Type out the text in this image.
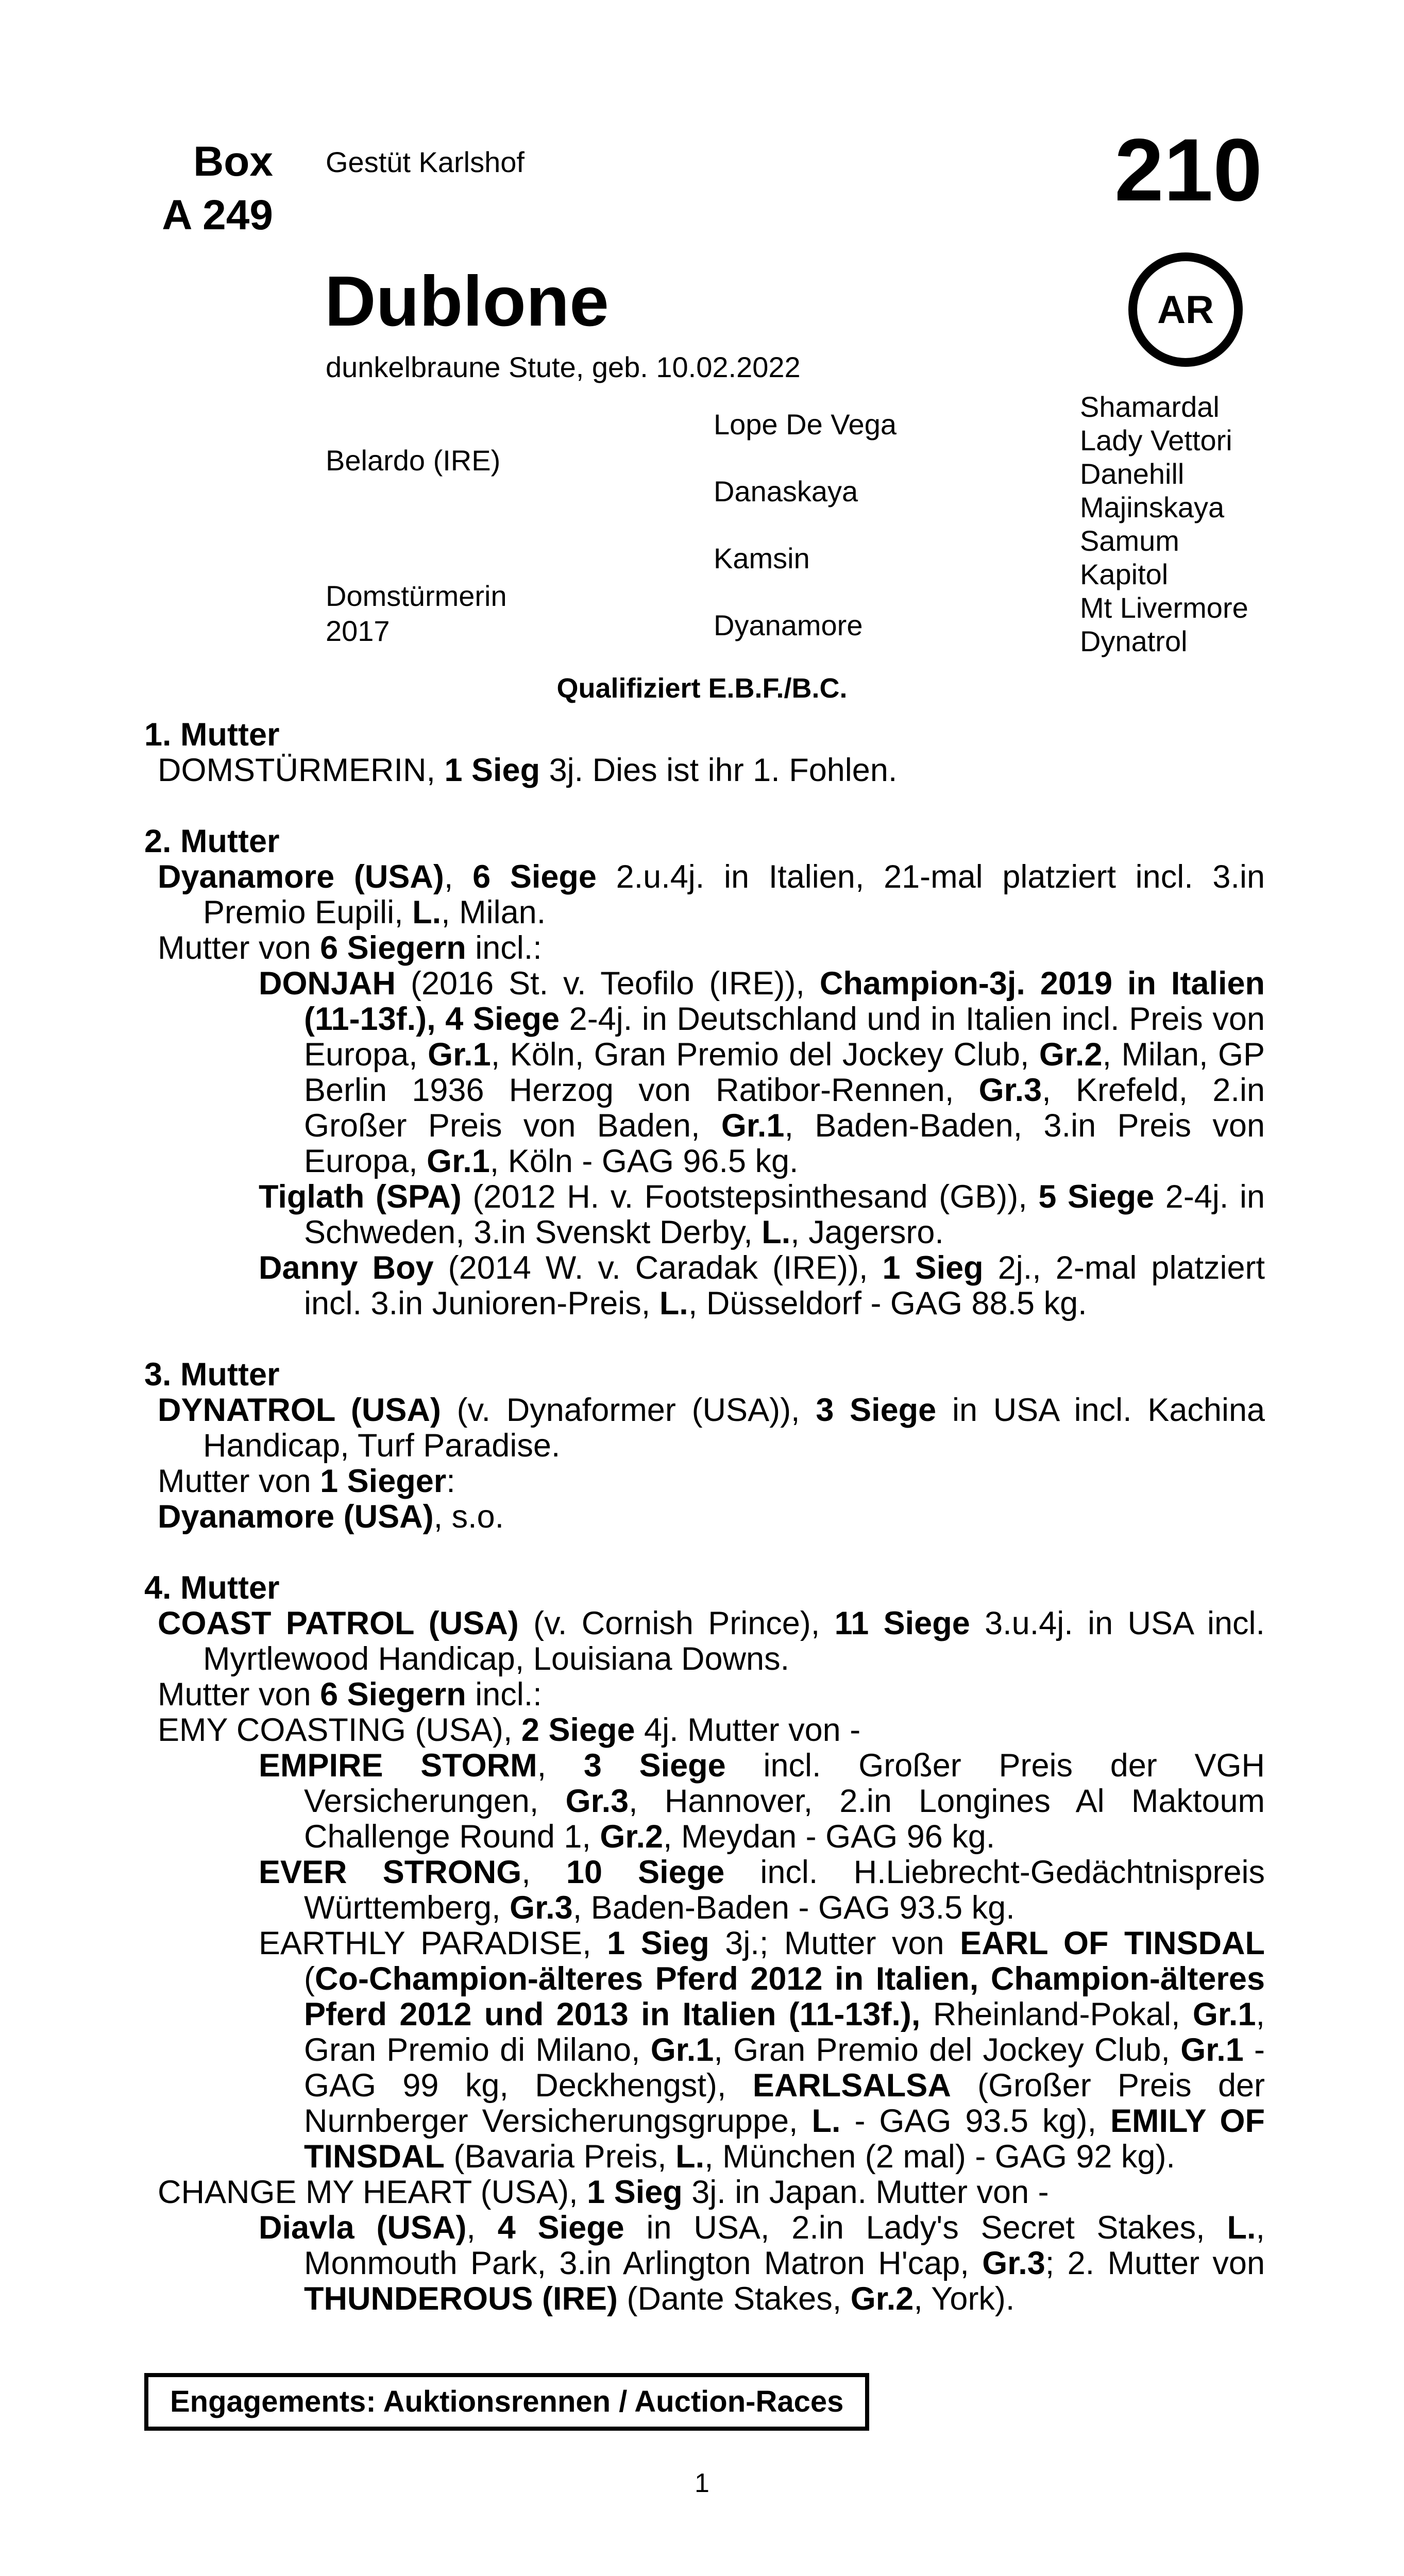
Box
A 249
Gestüt Karlshof	210
Dublone	AR
dunkelbraune Stute, geb. 10.02.2022
Belardo (IRE)
Domstürmerin
2017
Lope De Vega
Danaskaya
Kamsin
Dyanamore
Shamardal
Lady Vettori
Danehill
Majinskaya
Samum
Kapitol
Mt Livermore
Dynatrol
Qualifiziert E.B.F./B.C.
1. Mutter
DOMSTÜRMERIN, 1 Sieg 3j. Dies ist ihr 1. Fohlen.
2. Mutter
Dyanamore (USA), 6 Siege 2.u.4j. in Italien, 21-mal platziert incl. 3.in Premio Eupili, L., Milan.
Mutter von 6 Siegern incl.:
DONJAH (2016 St. v. Teofilo (IRE)), Champion-3j. 2019 in Italien (11-13f.), 4 Siege 2-4j. in Deutschland und in Italien incl. Preis von Europa, Gr.1, Köln, Gran Premio del Jockey Club, Gr.2, Milan, GP Berlin 1936 Herzog von Ratibor-Rennen, Gr.3, Krefeld, 2.in Großer Preis von Baden, Gr.1, Baden-Baden, 3.in Preis von Europa, Gr.1, Köln - GAG 96.5 kg.
Tiglath (SPA) (2012 H. v. Footstepsinthesand (GB)), 5 Siege 2-4j. in Schweden, 3.in Svenskt Derby, L., Jagersro.
Danny Boy (2014 W. v. Caradak (IRE)), 1 Sieg 2j., 2-mal platziert incl. 3.in Junioren-Preis, L., Düsseldorf - GAG 88.5 kg.
3. Mutter
DYNATROL (USA) (v. Dynaformer (USA)), 3 Siege in USA incl. Kachina Handicap, Turf Paradise.
Mutter von 1 Sieger:
Dyanamore (USA), s.o.
4. Mutter
COAST PATROL (USA) (v. Cornish Prince), 11 Siege 3.u.4j. in USA incl. Myrtlewood Handicap, Louisiana Downs.
Mutter von 6 Siegern incl.:
EMY COASTING (USA), 2 Siege 4j. Mutter von -
EMPIRE STORM, 3 Siege incl. Großer Preis der VGH Versicherungen, Gr.3, Hannover, 2.in Longines Al Maktoum Challenge Round 1, Gr.2, Meydan - GAG 96 kg.
EVER STRONG, 10 Siege incl. H.Liebrecht-Gedächtnispreis Württemberg, Gr.3, Baden-Baden - GAG 93.5 kg.
EARTHLY PARADISE, 1 Sieg 3j.; Mutter von EARL OF TINSDAL (Co-Champion-älteres Pferd 2012 in Italien, Champion-älteres Pferd 2012 und 2013 in Italien (11-13f.), Rheinland-Pokal, Gr.1, Gran Premio di Milano, Gr.1, Gran Premio del Jockey Club, Gr.1 - GAG 99 kg, Deckhengst), EARLSALSA (Großer Preis der Nurnberger Versicherungsgruppe, L. - GAG 93.5 kg), EMILY OF TINSDAL (Bavaria Preis, L., München (2 mal) - GAG 92 kg).
CHANGE MY HEART (USA), 1 Sieg 3j. in Japan. Mutter von -
Diavla (USA), 4 Siege in USA, 2.in Lady's Secret Stakes, L., Monmouth Park, 3.in Arlington Matron H'cap, Gr.3; 2. Mutter von THUNDEROUS (IRE) (Dante Stakes, Gr.2, York).
Engagements: Auktionsrennen / Auction-Races
1
